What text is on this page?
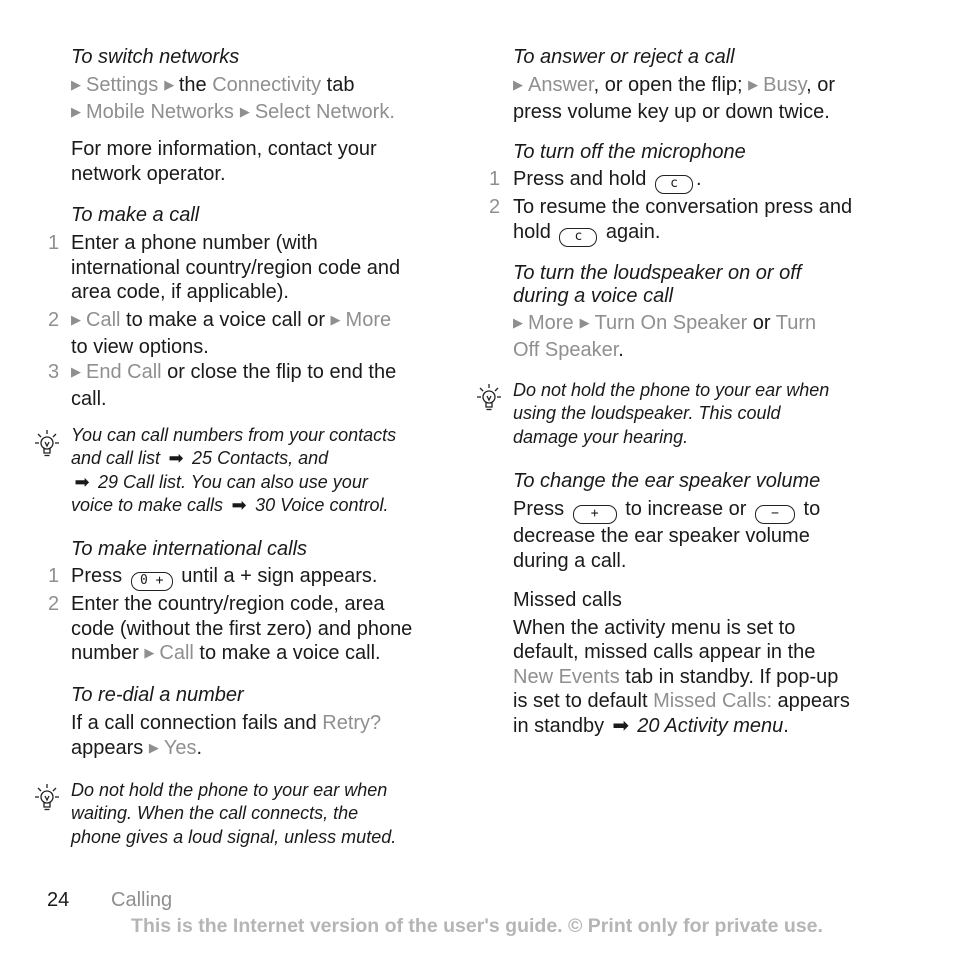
To switch networks

▶ Settings ▶ the Connectivity tab

▶ Mobile Networks ▶ Select Network.

For more information, contact your

network operator.

To make a call

1 Enter a phone number (with

international country/region code and

area code, if applicable).

2 ▶ Call to make a voice call or ▶ More

to view options.

3 ▶ End Call or close the flip to end the

call.

You can call numbers from your contacts

and call list ➡ 25 Contacts, and

➡ 29 Call list. You can also use your

voice to make calls ➡ 30 Voice control.

To make international calls

1 Press 0 + until a + sign appears.

2 Enter the country/region code, area

code (without the first zero) and phone

number ▶ Call to make a voice call.

To re-dial a number

If a call connection fails and Retry?

appears ▶ Yes.

Do not hold the phone to your ear when

waiting. When the call connects, the

phone gives a loud signal, unless muted.

To answer or reject a call

▶ Answer, or open the flip; ▶ Busy, or

press volume key up or down twice.

To turn off the microphone

1 Press and hold c .

2 To resume the conversation press and

hold c again.

To turn the loudspeaker on or off

during a voice call

▶ More ▶ Turn On Speaker or Turn

Off Speaker.

Do not hold the phone to your ear when

using the loudspeaker. This could

damage your hearing.

To change the ear speaker volume

Press + to increase or − to

decrease the ear speaker volume

during a call.

Missed calls

When the activity menu is set to

default, missed calls appear in the

New Events tab in standby. If pop-up

is set to default Missed Calls: appears

in standby ➡ 20 Activity menu.

24 Calling
This is the Internet version of the user's guide. © Print only for private use.
